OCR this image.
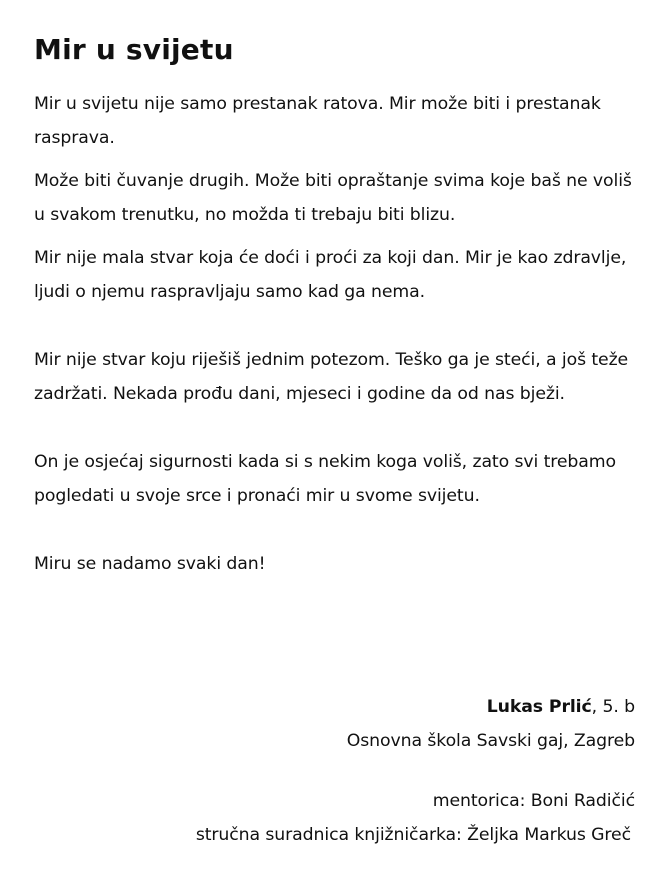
Mir u svijetu

Mir u svijetu nije samo prestanak ratova. Mir može biti i prestanak rasprava.

Može biti čuvanje drugih. Može biti opraštanje svima koje baš ne voliš u svakom trenutku, no možda ti trebaju biti blizu.

Mir nije mala stvar koja će doći i proći za koji dan. Mir je kao zdravlje, ljudi o njemu raspravljaju samo kad ga nema.

Mir nije stvar koju riješiš jednim potezom. Teško ga je steći, a još teže zadržati. Nekada prođu dani, mjeseci i godine da od nas bježi.

On je osjećaj sigurnosti kada si s nekim koga voliš, zato svi trebamo pogledati u svoje srce i pronaći mir u svome svijetu.

Miru se nadamo svaki dan!

Lukas Prlić, 5. b

Osnovna škola Savski gaj, Zagreb

mentorica: Boni Radičić

stručna suradnica knjižničarka: Željka Markus Greč
